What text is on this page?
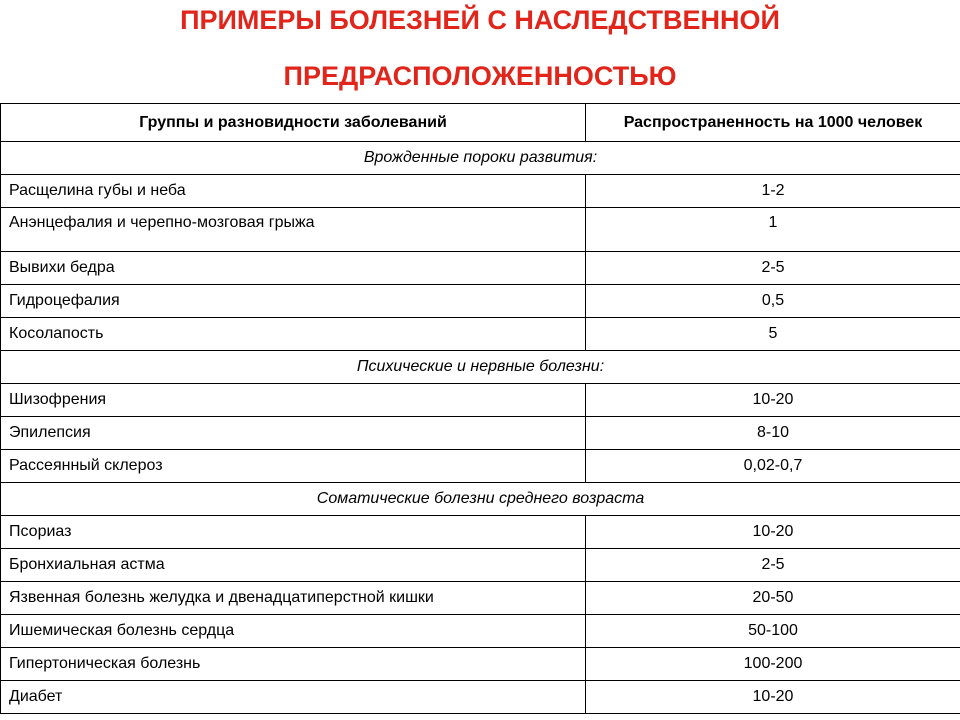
ПРИМЕРЫ БОЛЕЗНЕЙ С НАСЛЕДСТВЕННОЙ
ПРЕДРАСПОЛОЖЕННОСТЬЮ
Группы и разновидности заболеваний	Распространенность на 1000 человек
Врожденные пороки развития:	
Расщелина губы и неба	1-2
Анэнцефалия и черепно-мозговая грыжа	1
Вывихи бедра	2-5
Гидроцефалия	0,5
Косолапость	5
Психические и нервные болезни:	
Шизофрения	10-20
Эпилепсия	8-10
Рассеянный склероз	0,02-0,7
Соматические болезни среднего возраста	
Псориаз	10-20
Бронхиальная астма	2-5
Язвенная болезнь желудка и двенадцатиперстной кишки	20-50
Ишемическая болезнь сердца	50-100
Гипертоническая болезнь	100-200
Диабет	10-20
